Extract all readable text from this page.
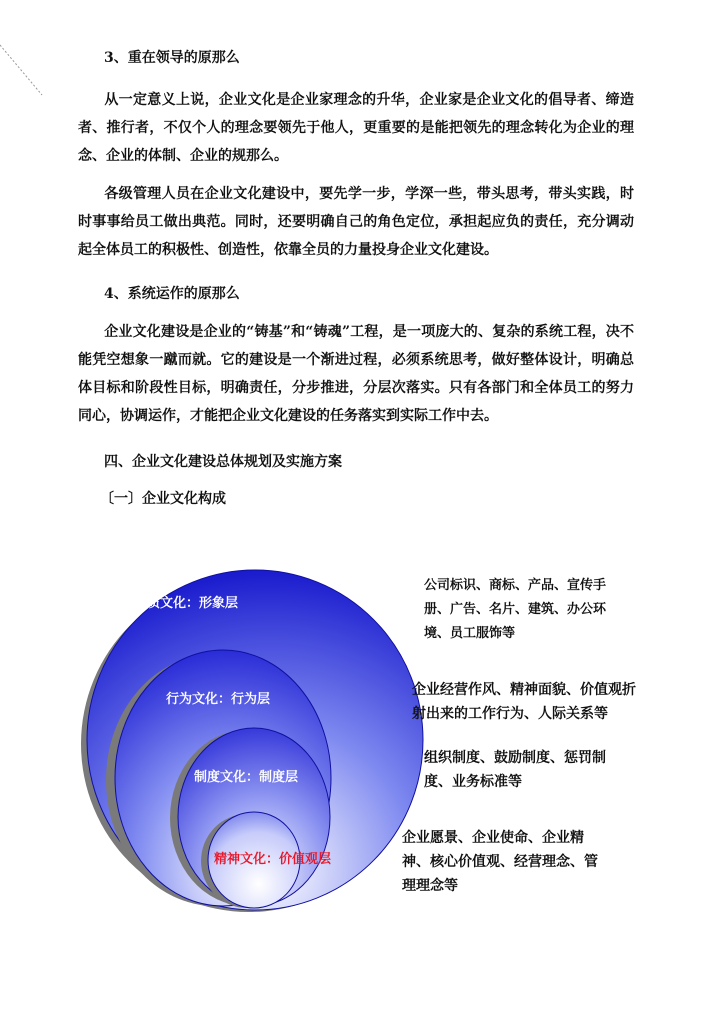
3、重在领导的原那么
从一定意义上说，企业文化是企业家理念的升华，企业家是企业文化的倡导者、缔造者、推行者，不仅个人的理念要领先于他人，更重要的是能把领先的理念转化为企业的理念、企业的体制、企业的规那么。
各级管理人员在企业文化建设中，要先学一步，学深一些，带头思考，带头实践，时时事事给员工做出典范。同时，还要明确自己的角色定位，承担起应负的责任，充分调动起全体员工的积极性、创造性，依靠全员的力量投身企业文化建设。
4、系统运作的原那么
企业文化建设是企业的“铸基”和“铸魂”工程，是一项庞大的、复杂的系统工程，决不能凭空想象一蹴而就。它的建设是一个渐进过程，必须系统思考，做好整体设计，明确总体目标和阶段性目标，明确责任，分步推进，分层次落实。只有各部门和全体员工的努力同心，协调运作，才能把企业文化建设的任务落实到实际工作中去。
四、企业文化建设总体规划及实施方案
〔一〕企业文化构成
物质文化：形象层
行为文化：行为层
制度文化：制度层
精神文化：价值观层
公司标识、商标、产品、宣传手册、广告、名片、建筑、办公环境、员工服饰等
企业经营作风、精神面貌、价值观折射出来的工作行为、人际关系等
组织制度、鼓励制度、惩罚制度、业务标准等
企业愿景、企业使命、企业精神、核心价值观、经营理念、管理理念等
